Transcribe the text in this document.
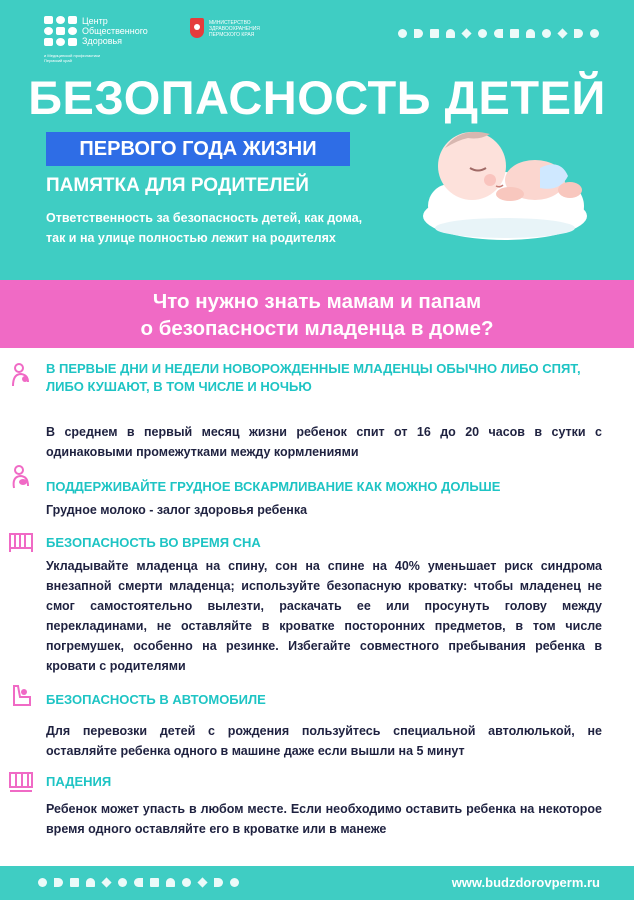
Центр
Общественного
Здоровья
и Медицинской профилактики Пермский край
МИНИСТЕРСТВО
ЗДРАВООХРАНЕНИЯ
ПЕРМСКОГО КРАЯ
БЕЗОПАСНОСТЬ ДЕТЕЙ
ПЕРВОГО ГОДА ЖИЗНИ
ПАМЯТКА ДЛЯ РОДИТЕЛЕЙ
Ответственность за безопасность детей, как дома, так и на улице полностью лежит на родителях
Что нужно знать мамам и папам
о безопасности младенца в доме?
В ПЕРВЫЕ ДНИ И НЕДЕЛИ НОВОРОЖДЕННЫЕ МЛАДЕНЦЫ ОБЫЧНО ЛИБО СПЯТ, ЛИБО КУШАЮТ, В ТОМ ЧИСЛЕ И НОЧЬЮ
В среднем в первый месяц жизни ребенок спит от 16 до 20 часов в сутки с одинаковыми промежутками между кормлениями
ПОДДЕРЖИВАЙТЕ ГРУДНОЕ ВСКАРМЛИВАНИЕ КАК МОЖНО ДОЛЬШЕ
Грудное молоко - залог здоровья ребенка
БЕЗОПАСНОСТЬ ВО ВРЕМЯ СНА
Укладывайте младенца на спину, сон на спине на 40% уменьшает риск синдрома внезапной смерти младенца; используйте безопасную кроватку: чтобы младенец не смог самостоятельно вылезти, раскачать ее или просунуть голову между перекладинами, не оставляйте в кроватке посторонних предметов, в том числе погремушек, особенно на резинке. Избегайте совместного пребывания ребенка в кровати с родителями
БЕЗОПАСНОСТЬ В АВТОМОБИЛЕ
Для перевозки детей с рождения пользуйтесь специальной автолюлькой, не оставляйте ребенка одного в машине даже если вышли на 5 минут
ПАДЕНИЯ
Ребенок может упасть в любом месте. Если необходимо оставить ребенка на некоторое время одного оставляйте его в кроватке или в манеже
www.budzdorovperm.ru
